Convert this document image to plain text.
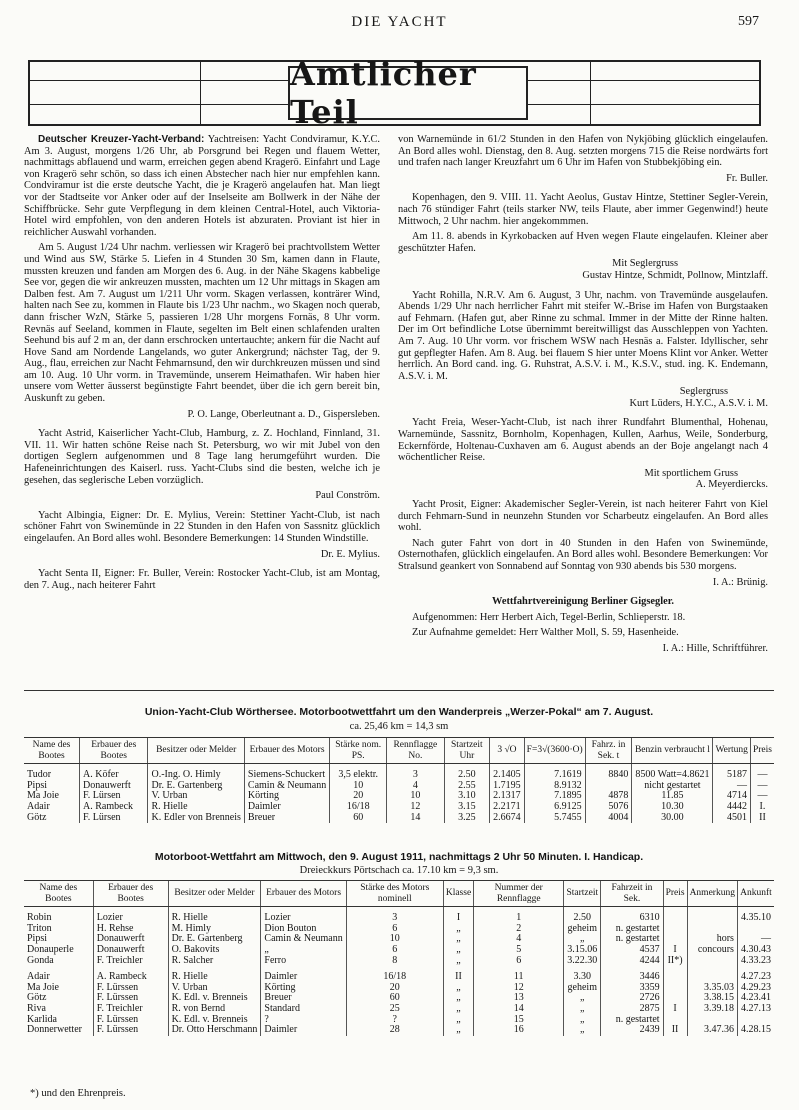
DIE YACHT	597
Amtlicher Teil

Deutscher Kreuzer-Yacht-Verband: Yachtreisen: Yacht Condviramur, K.Y.C. Am 3. August, morgens 1/26 Uhr, ab Porsgrund bei Regen und flauem Wetter, nachmittags abflauend und warm, erreichen gegen abend Kragerö. Einfahrt und Lage von Kragerö sehr schön, so dass ich einen Abstecher nach hier nur empfehlen kann. Condviramur ist die erste deutsche Yacht, die je Kragerö angelaufen hat. Man liegt vor der Stadtseite vor Anker oder auf der Inselseite am Bollwerk in der Nähe der Schiffbrücke. Sehr gute Verpflegung in dem kleinen Central-Hotel, auch Viktoria-Hotel wird empfohlen, von den anderen Hotels ist abzuraten. Proviant ist hier in reichlicher Auswahl vorhanden.

Am 5. August 1/24 Uhr nachm. verliessen wir Kragerö bei prachtvollstem Wetter und Wind aus SW, Stärke 5. Liefen in 4 Stunden 30 Sm, kamen dann in Flaute, mussten kreuzen und fanden am Morgen des 6. Aug. in der Nähe Skagens kabbelige See vor, gegen die wir ankreuzen mussten, machten um 12 Uhr mittags in Skagen am Dalben fest. Am 7. August um 1/211 Uhr vorm. Skagen verlassen, konträrer Wind, halten nach See zu, kommen in Flaute bis 1/23 Uhr nachm., wo Skagen noch querab, dann frischer WzN, Stärke 5, passieren 1/28 Uhr morgens Fornäs, 8 Uhr vorm. Revnäs auf Seeland, kommen in Flaute, segelten im Belt einen schlafenden uralten Seehund bis auf 2 m an, der dann erschrocken untertauchte; ankern für die Nacht auf Hove Sand am Nordende Langelands, wo guter Ankergrund; nächster Tag, der 9. Aug., flau, erreichen zur Nacht Fehmarnsund, den wir durchkreuzen müssen und sind am 10. Aug. 10 Uhr vorm. in Travemünde, unserem Heimathafen. Wir haben hier unsere vom Wetter äusserst begünstigte Fahrt beendet, über die ich gern bereit bin, Auskunft zu geben.

P. O. Lange, Oberleutnant a. D., Gispersleben.

Yacht Astrid, Kaiserlicher Yacht-Club, Hamburg, z. Z. Hochland, Finnland, 31. VII. 11. Wir hatten schöne Reise nach St. Petersburg, wo wir mit Jubel von den dortigen Seglern aufgenommen und 8 Tage lang herumgeführt wurden. Die Hafeneinrichtungen des Kaiserl. russ. Yacht-Clubs sind die besten, welche ich je gesehen, das seglerische Leben vorzüglich.

Paul Conström.

Yacht Albingia, Eigner: Dr. E. Mylius, Verein: Stettiner Yacht-Club, ist nach schöner Fahrt von Swinemünde in 22 Stunden in den Hafen von Sassnitz glücklich eingelaufen. An Bord alles wohl. Besondere Bemerkungen: 14 Stunden Windstille.

Dr. E. Mylius.

Yacht Senta II, Eigner: Fr. Buller, Verein: Rostocker Yacht-Club, ist am Montag, den 7. Aug., nach heiterer Fahrt

von Warnemünde in 61/2 Stunden in den Hafen von Nykjöbing glücklich eingelaufen. An Bord alles wohl. Dienstag, den 8. Aug. setzten morgens 715 die Reise nordwärts fort und trafen nach langer Kreuzfahrt um 6 Uhr im Hafen von Stubbekjöbing ein.

Fr. Buller.

Kopenhagen, den 9. VIII. 11. Yacht Aeolus, Gustav Hintze, Stettiner Segler-Verein, nach 76 stündiger Fahrt (teils starker NW, teils Flaute, aber immer Gegenwind!) heute Mittwoch, 2 Uhr nachm. hier angekommmen.

Am 11. 8. abends in Kyrkobacken auf Hven wegen Flaute eingelaufen. Kleiner aber geschützter Hafen.

Mit Seglergruss

Gustav Hintze, Schmidt, Pollnow, Mintzlaff.

Yacht Rohilla, N.R.V. Am 6. August, 3 Uhr, nachm. von Travemünde ausgelaufen. Abends 1/29 Uhr nach herrlicher Fahrt mit steifer W.-Brise im Hafen von Burgstaaken auf Fehmarn. (Hafen gut, aber Rinne zu schmal. Immer in der Mitte der Rinne halten. Der im Ort befindliche Lotse übernimmt bereitwilligst das Ausschleppen von Yachten. Am 7. Aug. 10 Uhr vorm. vor frischem WSW nach Hesnäs a. Falster. Idyllischer, sehr gut gepflegter Hafen. Am 8. Aug. bei flauem S hier unter Moens Klint vor Anker. Wetter herrlich. An Bord cand. ing. G. Ruhstrat, A.S.V. i. M., K.S.V., stud. ing. K. Endemann, A.S.V. i. M.

Seglergruss

Kurt Lüders, H.Y.C., A.S.V. i. M.

Yacht Freia, Weser-Yacht-Club, ist nach ihrer Rundfahrt Blumenthal, Hohenau, Warnemünde, Sassnitz, Bornholm, Kopenhagen, Kullen, Aarhus, Weile, Sonderburg, Eckernförde, Holtenau-Cuxhaven am 6. August abends an der Boje angelangt nach 4 wöchentlicher Reise.

Mit sportlichem Gruss

A. Meyerdiercks.

Yacht Prosit, Eigner: Akademischer Segler-Verein, ist nach heiterer Fahrt von Kiel durch Fehmarn-Sund in neunzehn Stunden vor Scharbeutz eingelaufen. An Bord alles wohl.

Nach guter Fahrt von dort in 40 Stunden in den Hafen von Swinemünde, Osternothafen, glücklich eingelaufen. An Bord alles wohl. Besondere Bemerkungen: Vor Stralsund geankert von Sonnabend auf Sonntag von 930 abends bis 530 morgens.

I. A.: Brünig.

Wettfahrtvereinigung Berliner Gigsegler.

Aufgenommen: Herr Herbert Aich, Tegel-Berlin, Schlieperstr. 18.

Zur Aufnahme gemeldet: Herr Walther Moll, S. 59, Hasenheide.

I. A.: Hille, Schriftführer.

Union-Yacht-Club Wörthersee. Motorbootwettfahrt um den Wanderpreis „Werzer-Pokal“ am 7. August.
ca. 25,46 km = 14,3 sm
Name des Bootes	Erbauer des Bootes	Besitzer oder Melder	Erbauer des Motors	Stärke nom. PS.	Rennflagge No.	Startzeit Uhr	3 √O	F=3√(3600·O)	Fahrz. in Sek. t	Benzin verbraucht l	Wertung	Preis
Tudor	A. Köfer	O.-Ing. O. Himly	Siemens-Schuckert	3,5 elektr.	3	2.50	2.1405	7.1619	8840	8500 Watt=4.8621	5187	—
Pipsi	Donauwerft	Dr. E. Gartenberg	Camin & Neumann	10	4	2.55	1.7195	8.9132		nicht gestartet	—	—
Ma Joie	F. Lürsen	V. Urban	Körting	20	10	3.10	2.1317	7.1895	4878	11.85	4714	—
Adair	A. Rambeck	R. Hielle	Daimler	16/18	12	3.15	2.2171	6.9125	5076	10.30	4442	I.
Götz	F. Lürsen	K. Edler von Brenneis	Breuer	60	14	3.25	2.6674	5.7455	4004	30.00	4501	II
Motorboot-Wettfahrt am Mittwoch, den 9. August 1911, nachmittags 2 Uhr 50 Minuten. I. Handicap.
Dreieckkurs Pörtschach ca. 17.10 km = 9,3 sm.
Name des Bootes	Erbauer des Bootes	Besitzer oder Melder	Erbauer des Motors	Stärke des Motors nominell	Klasse	Nummer der Rennflagge	Startzeit	Fahrzeit in Sek.	Preis	Anmerkung	Ankunft
Robin	Lozier	R. Hielle	Lozier	3	I	1	2.50	6310			4.35.10
Triton	H. Rehse	M. Himly	Dion Bouton	6	„	2	geheim	n. gestartet			
Pipsi	Donauwerft	Dr. E. Gartenberg	Camin & Neumann	10	„	4	„	n. gestartet		hors	—
Donauperle	Donauwerft	O. Bakovits	„	6	„	5	3.15.06	4537	I	concours	4.30.43
Gonda	F. Treichler	R. Salcher	Ferro	8	„	6	3.22.30	4244	II*)		4.33.23
Adair	A. Rambeck	R. Hielle	Daimler	16/18	II	11	3.30	3446			4.27.23
Ma Joie	F. Lürssen	V. Urban	Körting	20	„	12	geheim	3359		3.35.03	4.29.23
Götz	F. Lürssen	K. Edl. v. Brenneis	Breuer	60	„	13	„	2726		3.38.15	4.23.41
Riva	F. Treichler	R. von Bernd	Standard	25	„	14	„	2875	I	3.39.18	4.27.13
Karlida	F. Lürssen	K. Edl. v. Brenneis	?	?	„	15	„	n. gestartet			
Donnerwetter	F. Lürssen	Dr. Otto Herschmann	Daimler	28	„	16	„	2439	II	3.47.36	4.28.15
*) und den Ehrenpreis.
